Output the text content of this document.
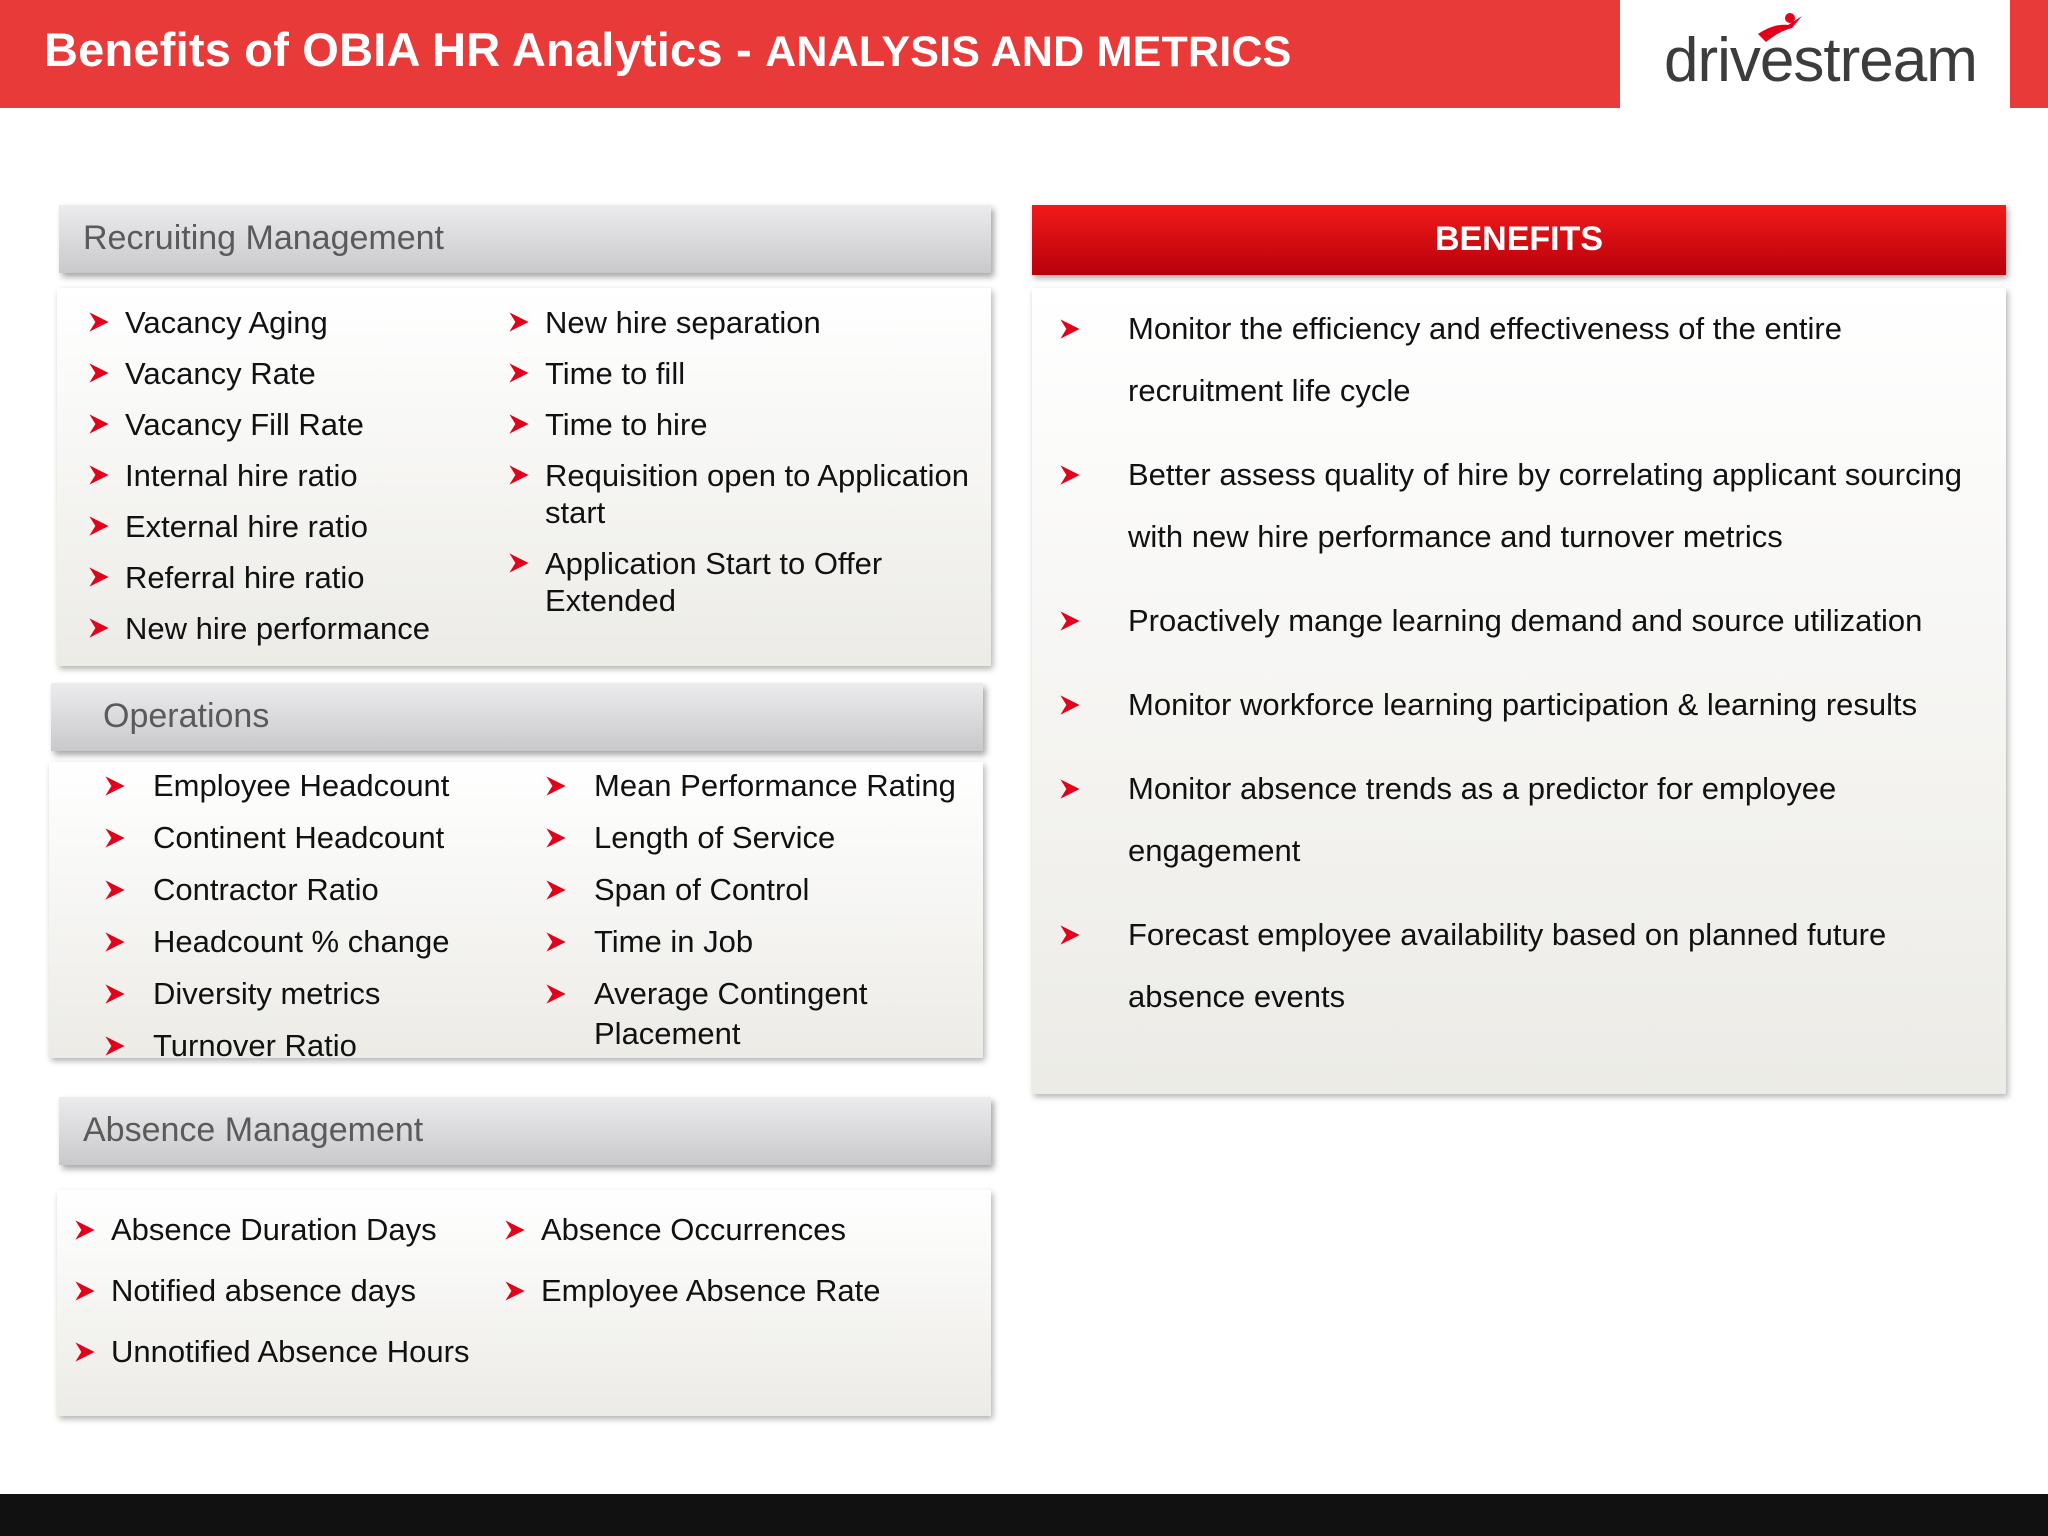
Benefits of OBIA HR Analytics - ANALYSIS AND METRICS	drivestream
Recruiting Management
Vacancy Aging
Vacancy Rate
Vacancy Fill Rate
Internal hire ratio
External hire ratio
Referral hire ratio
New hire performance
New hire separation
Time to fill
Time to hire
Requisition open to Application start
Application Start to Offer Extended
Operations
Employee Headcount
Continent Headcount
Contractor Ratio
Headcount % change
Diversity metrics
Turnover Ratio
Mean Performance Rating
Length of Service
Span of Control
Time in Job
Average Contingent Placement
Absence Management
Absence Duration Days
Notified absence days
Unnotified Absence Hours
Absence Occurrences
Employee Absence Rate
BENEFITS
Monitor the efficiency and effectiveness of the entire recruitment life cycle
Better assess quality of hire by correlating applicant sourcing with new hire performance and turnover metrics
Proactively mange learning demand and source utilization
Monitor workforce learning participation & learning results
Monitor absence trends as a predictor for employee engagement
Forecast employee availability based on planned future absence events
